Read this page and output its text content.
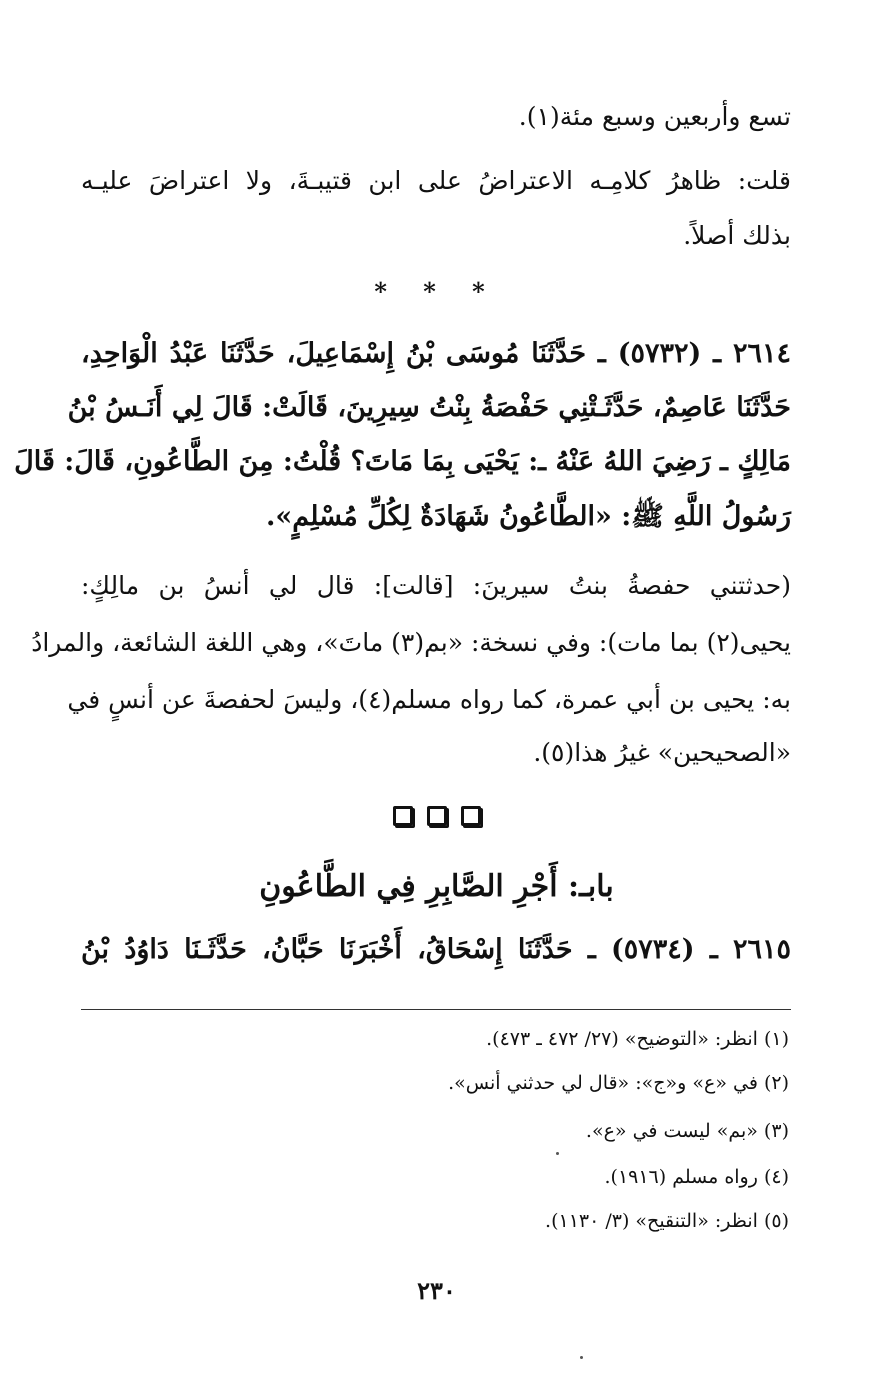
تسع وأربعين وسبع مئة(١).
قلت: ظاهرُ كلامِـه الاعتراضُ على ابن قتيبـةَ، ولا اعتراضَ عليـه
بذلك أصلاً.
* * *
٢٦١٤ ـ (٥٧٣٢) ـ حَدَّثَنَا مُوسَى بْنُ إِسْمَاعِيلَ، حَدَّثَنَا عَبْدُ الْوَاحِدِ،
حَدَّثَنَا عَاصِمٌ، حَدَّثَـتْنِي حَفْصَةُ بِنْتُ سِيرِينَ، قَالَتْ: قَالَ لِي أَنَـسُ بْنُ
مَالِكٍ ـ رَضِيَ اللهُ عَنْهُ ـ: يَحْيَى بِمَا مَاتَ؟ قُلْتُ: مِنَ الطَّاعُونِ، قَالَ: قَالَ
رَسُولُ اللَّهِ ﷺ: «الطَّاعُونُ شَهَادَةٌ لِكُلِّ مُسْلِمٍ».
(حدثتني حفصةُ بنتُ سيرينَ: [قالت]: قال لي أنسُ بن مالِكٍ:
يحيى(٢) بما مات): وفي نسخة: «بم(٣) ماتَ»، وهي اللغة الشائعة، والمرادُ
به: يحيى بن أبي عمرة، كما رواه مسلم(٤)، وليسَ لحفصةَ عن أنسٍ في
«الصحيحين» غيرُ هذا(٥).
بابـ: أَجْرِ الصَّابِرِ فِي الطَّاعُونِ
٢٦١٥ ـ (٥٧٣٤) ـ حَدَّثَنَا إِسْحَاقُ، أَخْبَرَنَا حَبَّانُ، حَدَّثَـنَا دَاوُدُ بْنُ
(١) انظر: «التوضيح» (٢٧/ ٤٧٢ ـ ٤٧٣).
(٢) في «ع» و«ج»: «قال لي حدثني أنس».
(٣) «بم» ليست في «ع».
(٤) رواه مسلم (١٩١٦).
(٥) انظر: «التنقيح» (٣/ ١١٣٠).
٢٣٠
